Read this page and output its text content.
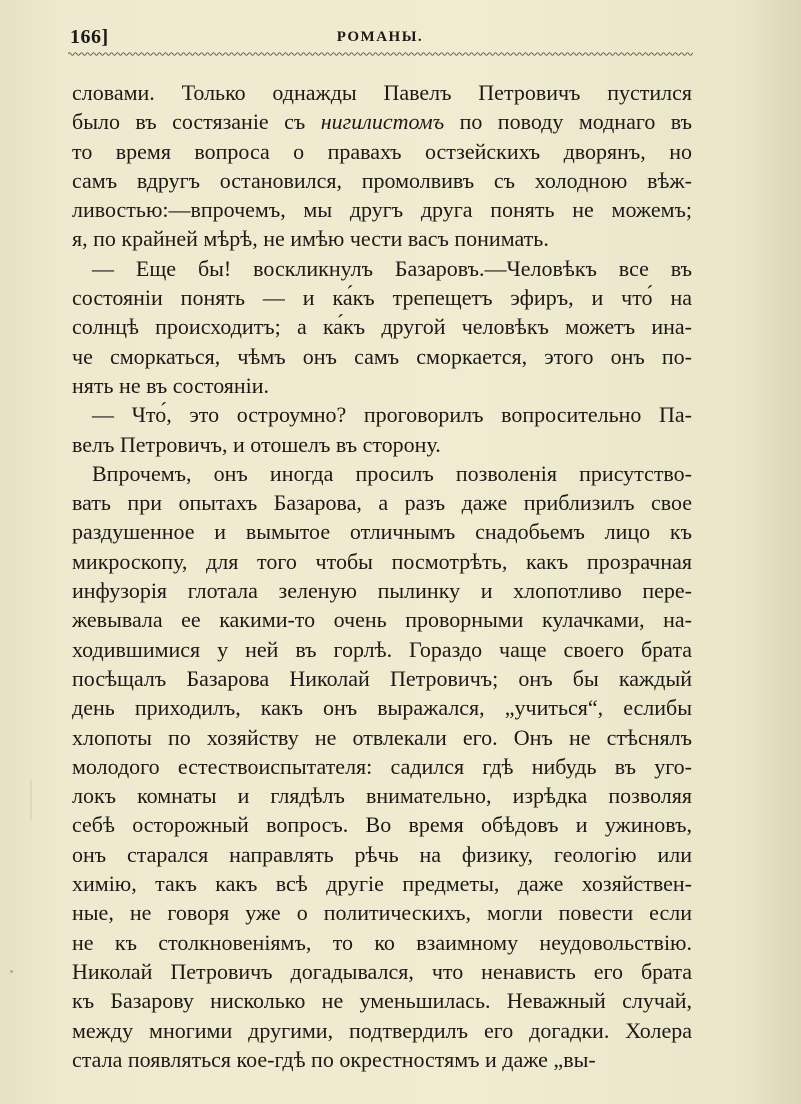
166]	РОМАНЫ.
словами. Только однажды Павелъ Петровичъ пустился
было въ состязаніе съ нигилистомъ по поводу моднаго въ
то время вопроса о правахъ остзейскихъ дворянъ, но
самъ вдругъ остановился, промолвивъ съ холодною вѣж-
ливостью:—впрочемъ, мы другъ друга понять не можемъ;
я, по крайней мѣрѣ, не имѣю чести васъ понимать.
— Еще бы! воскликнулъ Базаровъ.—Человѣкъ все въ
состояніи понять — и ка́къ трепещетъ эфиръ, и что́ на
солнцѣ происходитъ; а ка́къ другой человѣкъ можетъ ина-
че сморкаться, чѣмъ онъ самъ сморкается, этого онъ по-
нять не въ состояніи.
— Что́, это остроумно? проговорилъ вопросительно Па-
велъ Петровичъ, и отошелъ въ сторону.
Впрочемъ, онъ иногда просилъ позволенія присутство-
вать при опытахъ Базарова, а разъ даже приблизилъ свое
раздушенное и вымытое отличнымъ снадобьемъ лицо къ
микроскопу, для того чтобы посмотрѣть, какъ прозрачная
инфузорія глотала зеленую пылинку и хлопотливо пере-
жевывала ее какими-то очень проворными кулачками, на-
ходившимися у ней въ горлѣ. Гораздо чаще своего брата
посѣщалъ Базарова Николай Петровичъ; онъ бы каждый
день приходилъ, какъ онъ выражался, „учиться“, еслибы
хлопоты по хозяйству не отвлекали его. Онъ не стѣснялъ
молодого естествоиспытателя: садился гдѣ нибудь въ уго-
локъ комнаты и глядѣлъ внимательно, изрѣдка позволяя
себѣ осторожный вопросъ. Во время обѣдовъ и ужиновъ,
онъ старался направлять рѣчь на физику, геологію или
химію, такъ какъ всѣ другіе предметы, даже хозяйствен-
ные, не говоря уже о политическихъ, могли повести если
не къ столкновеніямъ, то ко взаимному неудовольствію.
Николай Петровичъ догадывался, что ненависть его брата
къ Базарову нисколько не уменьшилась. Неважный случай,
между многими другими, подтвердилъ его догадки. Холера
стала появляться кое-гдѣ по окрестностямъ и даже „вы-
